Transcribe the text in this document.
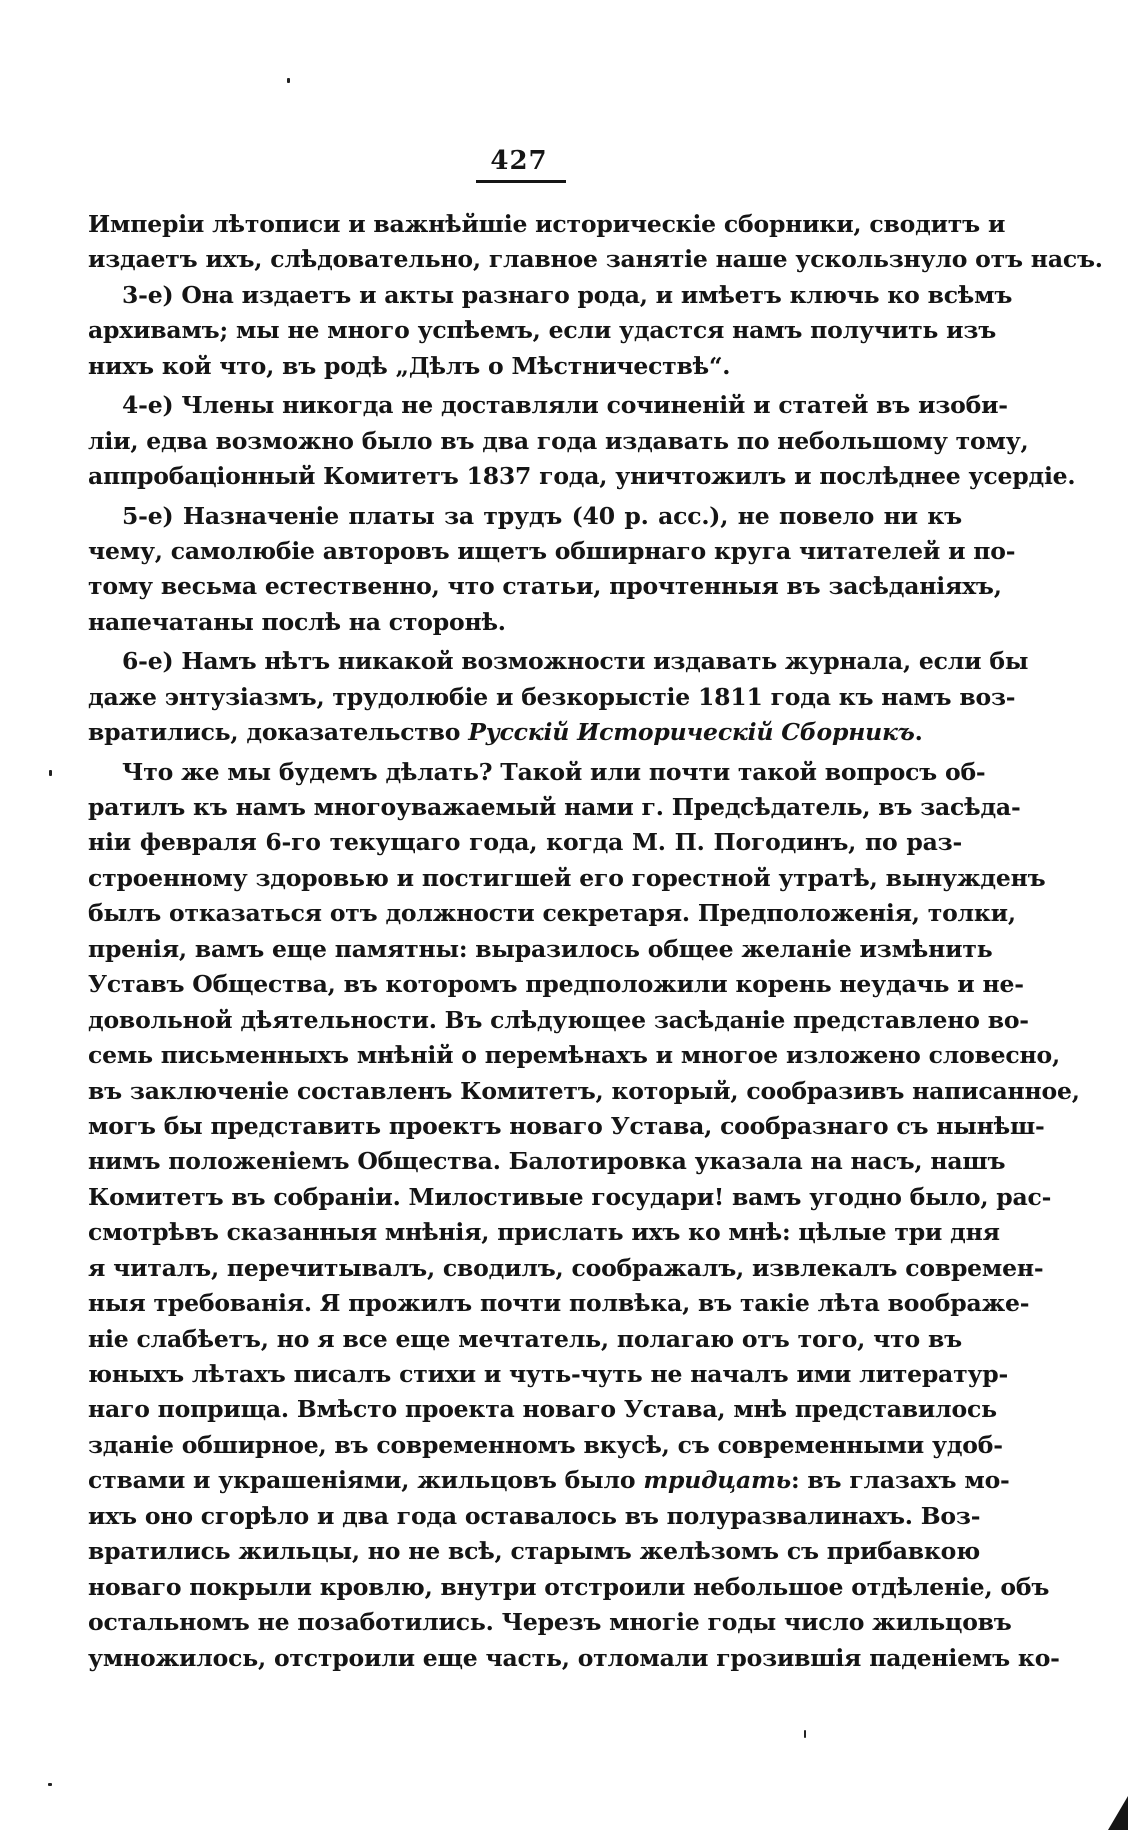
427
Имперіи лѣтописи и важнѣйшіе историческіе сборники, сводитъ и
издаетъ ихъ, слѣдовательно, главное занятіе наше ускользнуло отъ насъ.
3-е) Она издаетъ и акты разнаго рода, и имѣетъ ключь ко всѣмъ
архивамъ; мы не много успѣемъ, если удастся намъ получить изъ
нихъ кой что, въ родѣ „Дѣлъ о Мѣстничествѣ“.
4-е) Члены никогда не доставляли сочиненій и статей въ изоби-
ліи, едва возможно было въ два года издавать по небольшому тому,
аппробаціонный Комитетъ 1837 года, уничтожилъ и послѣднее усердіе.
5-е) Назначеніе платы за трудъ (40 р. асс.), не повело ни къ
чему, самолюбіе авторовъ ищетъ обширнаго круга читателей и по-
тому весьма естественно, что статьи, прочтенныя въ засѣданіяхъ,
напечатаны послѣ на сторонѣ.
6-е) Намъ нѣтъ никакой возможности издавать журнала, если бы
даже энтузіазмъ, трудолюбіе и безкорыстіе 1811 года къ намъ воз-
вратились, доказательство Русскій Историческій Сборникъ.
Что же мы будемъ дѣлать? Такой или почти такой вопросъ об-
ратилъ къ намъ многоуважаемый нами г. Предсѣдатель, въ засѣда-
ніи февраля 6-го текущаго года, когда М. П. Погодинъ, по раз-
строенному здоровью и постигшей его горестной утратѣ, вынужденъ
былъ отказаться отъ должности секретаря. Предположенія, толки,
пренія, вамъ еще памятны: выразилось общее желаніе измѣнить
Уставъ Общества, въ которомъ предположили корень неудачь и не-
довольной дѣятельности. Въ слѣдующее засѣданіе представлено во-
семь письменныхъ мнѣній о перемѣнахъ и многое изложено словесно,
въ заключеніе составленъ Комитетъ, который, сообразивъ написанное,
могъ бы представить проектъ новаго Устава, сообразнаго съ нынѣш-
нимъ положеніемъ Общества. Балотировка указала на насъ, нашъ
Комитетъ въ собраніи. Милостивые государи! вамъ угодно было, рас-
смотрѣвъ сказанныя мнѣнія, прислать ихъ ко мнѣ: цѣлые три дня
я читалъ, перечитывалъ, сводилъ, соображалъ, извлекалъ современ-
ныя требованія. Я прожилъ почти полвѣка, въ такіе лѣта воображе-
ніе слабѣетъ, но я все еще мечтатель, полагаю отъ того, что въ
юныхъ лѣтахъ писалъ стихи и чуть-чуть не началъ ими литератур-
наго поприща. Вмѣсто проекта новаго Устава, мнѣ представилось
зданіе обширное, въ современномъ вкусѣ, съ современными удоб-
ствами и украшеніями, жильцовъ было тридцать: въ глазахъ мо-
ихъ оно сгорѣло и два года оставалось въ полуразвалинахъ. Воз-
вратились жильцы, но не всѣ, старымъ желѣзомъ съ прибавкою
новаго покрыли кровлю, внутри отстроили небольшое отдѣленіе, объ
остальномъ не позаботились. Черезъ многіе годы число жильцовъ
умножилось, отстроили еще часть, отломали грозившія паденіемъ ко-
